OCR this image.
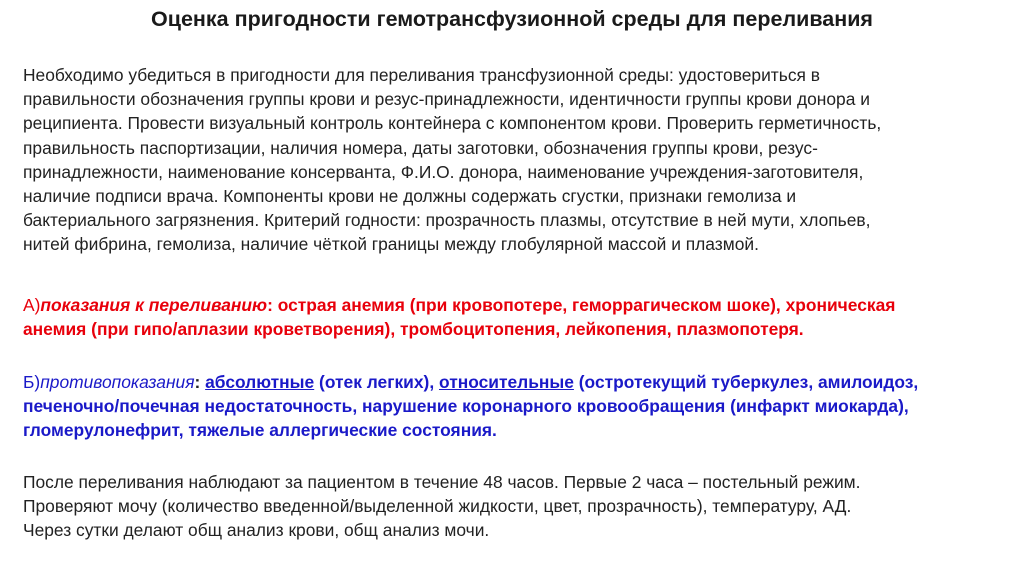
Оценка пригодности гемотрансфузионной среды для переливания
Необходимо убедиться в пригодности для переливания трансфузионной среды: удостовериться в
правильности обозначения группы крови и резус-принадлежности, идентичности группы крови донора и
реципиента. Провести визуальный контроль контейнера с компонентом крови. Проверить герметичность,
правильность паспортизации, наличия номера, даты заготовки, обозначения группы крови, резус-
принадлежности, наименование консерванта, Ф.И.О. донора, наименование учреждения-заготовителя,
наличие подписи врача. Компоненты крови не должны содержать сгустки, признаки гемолиза и
бактериального загрязнения. Критерий годности: прозрачность плазмы, отсутствие в ней мути, хлопьев,
нитей фибрина, гемолиза, наличие чёткой границы между глобулярной массой и плазмой.
А)показания к переливанию: острая анемия (при кровопотере, геморрагическом шоке), хроническая
анемия (при гипо/аплазии кроветворения), тромбоцитопения, лейкопения, плазмопотеря.
Б)противопоказания: абсолютные (отек легких), относительные (остротекущий туберкулез, амилоидоз,
печеночно/почечная недостаточность, нарушение коронарного кровообращения (инфаркт миокарда),
гломерулонефрит, тяжелые аллергические состояния.
После переливания наблюдают за пациентом в течение 48 часов. Первые 2 часа – постельный режим.
Проверяют мочу (количество введенной/выделенной жидкости, цвет, прозрачность), температуру, АД.
Через сутки делают общ анализ крови, общ анализ мочи.
